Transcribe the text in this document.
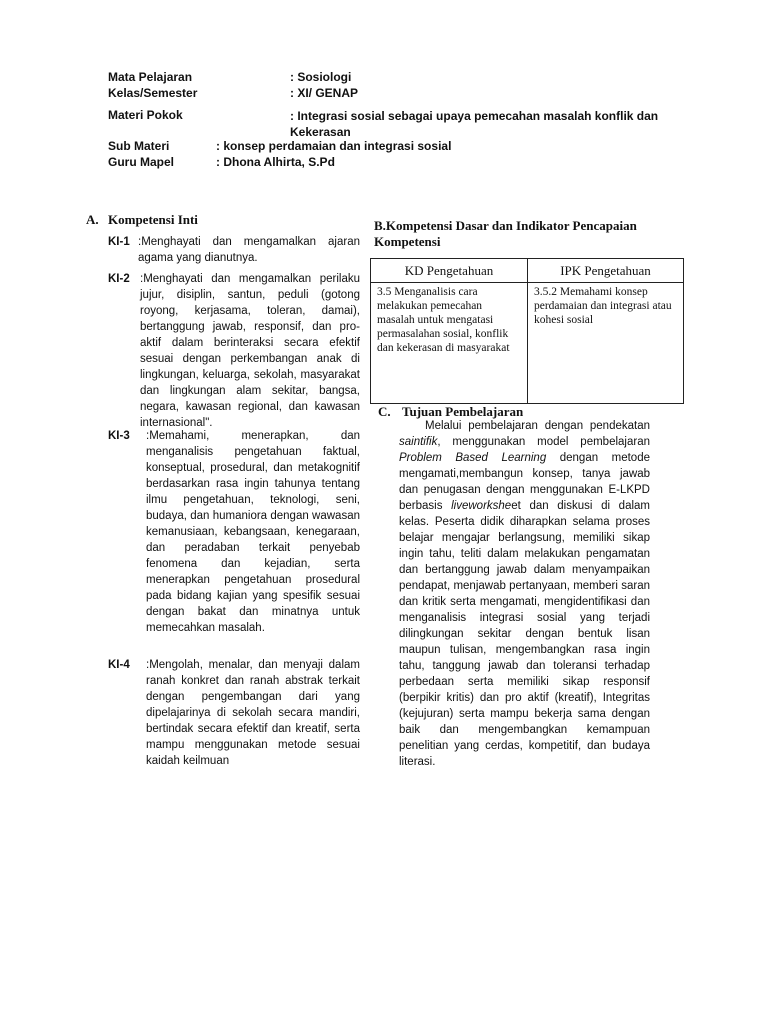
Mata Pelajaran	: Sosiologi
Kelas/Semester	: XI/ GENAP
Materi Pokok	: Integrasi sosial sebagai upaya pemecahan masalah konflik dan Kekerasan
Sub Materi	: konsep perdamaian dan integrasi sosial
Guru Mapel	: Dhona Alhirta, S.Pd
A. Kompetensi Inti
KI-1 :Menghayati dan mengamalkan ajaran agama yang dianutnya.
KI-2 :Menghayati dan mengamalkan perilaku jujur, disiplin, santun, peduli (gotong royong, kerjasama, toleran, damai), bertanggung jawab, responsif, dan pro-aktif dalam berinteraksi secara efektif sesuai dengan perkembangan anak di lingkungan, keluarga, sekolah, masyarakat dan lingkungan alam sekitar, bangsa, negara, kawasan regional, dan kawasan internasional".
KI-3 :Memahami, menerapkan, dan menganalisis pengetahuan faktual, konseptual, prosedural, dan metakognitif berdasarkan rasa ingin tahunya tentang ilmu pengetahuan, teknologi, seni, budaya, dan humaniora dengan wawasan kemanusiaan, kebangsaan, kenegaraan, dan peradaban terkait penyebab fenomena dan kejadian, serta menerapkan pengetahuan prosedural pada bidang kajian yang spesifik sesuai dengan bakat dan minatnya untuk memecahkan masalah.
KI-4 :Mengolah, menalar, dan menyaji dalam ranah konkret dan ranah abstrak terkait dengan pengembangan dari yang dipelajarinya di sekolah secara mandiri, bertindak secara efektif dan kreatif, serta mampu menggunakan metode sesuai kaidah keilmuan
B.Kompetensi Dasar dan Indikator Pencapaian Kompetensi
KD Pengetahuan	IPK Pengetahuan
3.5 Menganalisis cara melakukan pemecahan masalah untuk mengatasi permasalahan sosial, konflik dan kekerasan di masyarakat	3.5.2 Memahami konsep perdamaian dan integrasi atau kohesi sosial
C. Tujuan Pembelajaran

Melalui pembelajaran dengan pendekatan saintifik, menggunakan model pembelajaran Problem Based Learning dengan metode mengamati,membangun konsep, tanya jawab dan penugasan dengan menggunakan E-LKPD berbasis liveworksheet dan diskusi di dalam kelas. Peserta didik diharapkan selama proses belajar mengajar berlangsung, memiliki sikap ingin tahu, teliti dalam melakukan pengamatan dan bertanggung jawab dalam menyampaikan pendapat, menjawab pertanyaan, memberi saran dan kritik serta mengamati, mengidentifikasi dan menganalisis integrasi sosial yang terjadi dilingkungan sekitar dengan bentuk lisan maupun tulisan, mengembangkan rasa ingin tahu, tanggung jawab dan toleransi terhadap perbedaan serta memiliki sikap responsif (berpikir kritis) dan pro aktif (kreatif), Integritas (kejujuran) serta mampu bekerja sama dengan baik dan mengembangkan kemampuan penelitian yang cerdas, kompetitif, dan budaya literasi.
